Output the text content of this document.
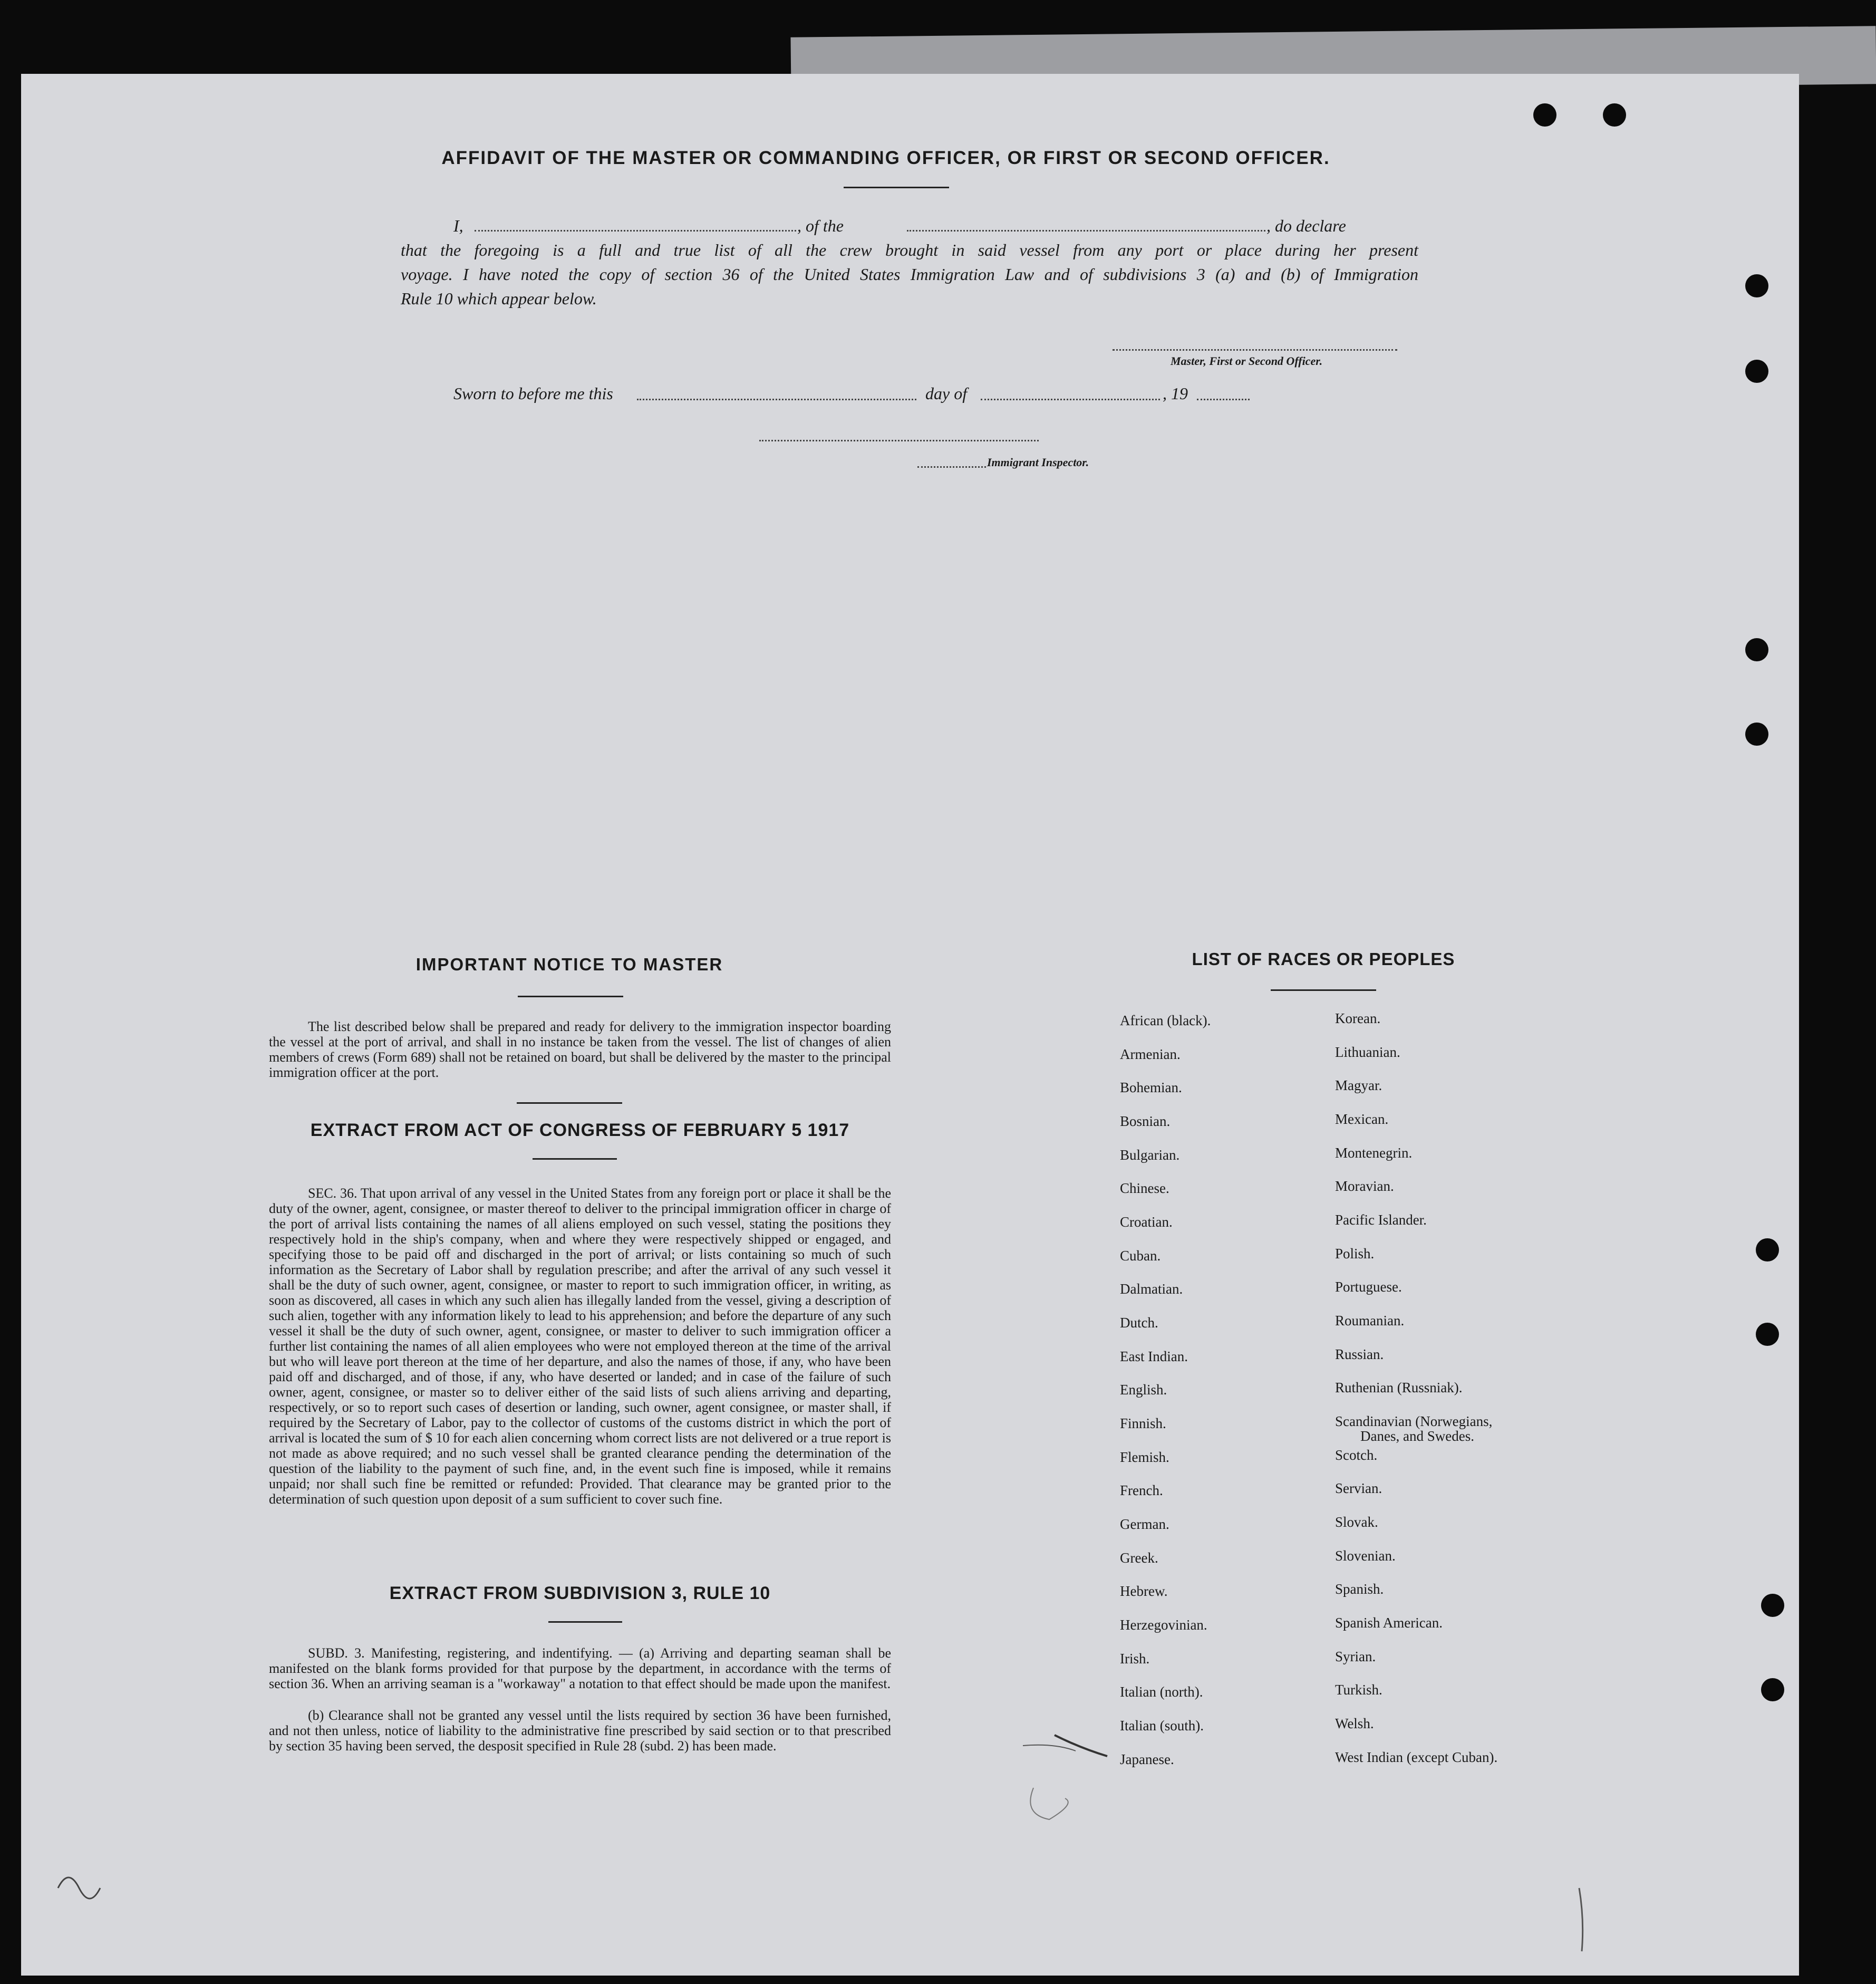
AFFIDAVIT OF THE MASTER OR COMMANDING OFFICER, OR FIRST OR SECOND OFFICER.
I,	, of the	, do declare
that the foregoing is a full and true list of all the crew brought in said vessel from any port or place during her present
voyage. I have noted the copy of section 36 of the United States Immigration Law and of subdivisions 3 (a) and (b) of Immigration
Rule 10 which appear below.
Master, First or Second Officer.
Sworn to before me this	day of	, 19
Immigrant Inspector.
IMPORTANT NOTICE TO MASTER
The list described below shall be prepared and ready for delivery to the immigration inspector boarding the vessel at the port of arrival, and shall in no instance be taken from the vessel. The list of changes of alien members of crews (Form 689) shall not be retained on board, but shall be delivered by the master to the principal immigration officer at the port.
EXTRACT FROM ACT OF CONGRESS OF FEBRUARY 5 1917
SEC. 36. That upon arrival of any vessel in the United States from any foreign port or place it shall be the duty of the owner, agent, consignee, or master thereof to deliver to the principal immigration officer in charge of the port of arrival lists containing the names of all aliens employed on such vessel, stating the positions they respectively hold in the ship's company, when and where they were respectively shipped or engaged, and specifying those to be paid off and discharged in the port of arrival; or lists containing so much of such information as the Secretary of Labor shall by regulation prescribe; and after the arrival of any such vessel it shall be the duty of such owner, agent, consignee, or master to report to such immigration officer, in writing, as soon as discovered, all cases in which any such alien has illegally landed from the vessel, giving a description of such alien, together with any information likely to lead to his apprehension; and before the departure of any such vessel it shall be the duty of such owner, agent, consignee, or master to deliver to such immigration officer a further list containing the names of all alien employees who were not employed thereon at the time of the arrival but who will leave port thereon at the time of her departure, and also the names of those, if any, who have been paid off and discharged, and of those, if any, who have deserted or landed; and in case of the failure of such owner, agent, consignee, or master so to deliver either of the said lists of such aliens arriving and departing, respectively, or so to report such cases of desertion or landing, such owner, agent consignee, or master shall, if required by the Secretary of Labor, pay to the collector of customs of the customs district in which the port of arrival is located the sum of $ 10 for each alien concerning whom correct lists are not delivered or a true report is not made as above required; and no such vessel shall be granted clearance pending the determination of the question of the liability to the payment of such fine, and, in the event such fine is imposed, while it remains unpaid; nor shall such fine be remitted or refunded: Provided. That clearance may be granted prior to the determination of such question upon deposit of a sum sufficient to cover such fine.
EXTRACT FROM SUBDIVISION 3, RULE 10
SUBD. 3. Manifesting, registering, and indentifying. — (a) Arriving and departing seaman shall be manifested on the blank forms provided for that purpose by the department, in accordance with the terms of section 36. When an arriving seaman is a "workaway" a notation to that effect should be made upon the manifest.
(b) Clearance shall not be granted any vessel until the lists required by section 36 have been furnished, and not then unless, notice of liability to the administrative fine prescribed by said section or to that prescribed by section 35 having been served, the desposit specified in Rule 28 (subd. 2) has been made.
LIST OF RACES OR PEOPLES
African (black).
Armenian.
Bohemian.
Bosnian.
Bulgarian.
Chinese.
Croatian.
Cuban.
Dalmatian.
Dutch.
East Indian.
English.
Finnish.
Flemish.
French.
German.
Greek.
Hebrew.
Herzegovinian.
Irish.
Italian (north).
Italian (south).
Japanese.
Korean.
Lithuanian.
Magyar.
Mexican.
Montenegrin.
Moravian.
Pacific Islander.
Polish.
Portuguese.
Roumanian.
Russian.
Ruthenian (Russniak).
Scandinavian (Norwegians,
Danes, and Swedes.
Scotch.
Servian.
Slovak.
Slovenian.
Spanish.
Spanish American.
Syrian.
Turkish.
Welsh.
West Indian (except Cuban).
